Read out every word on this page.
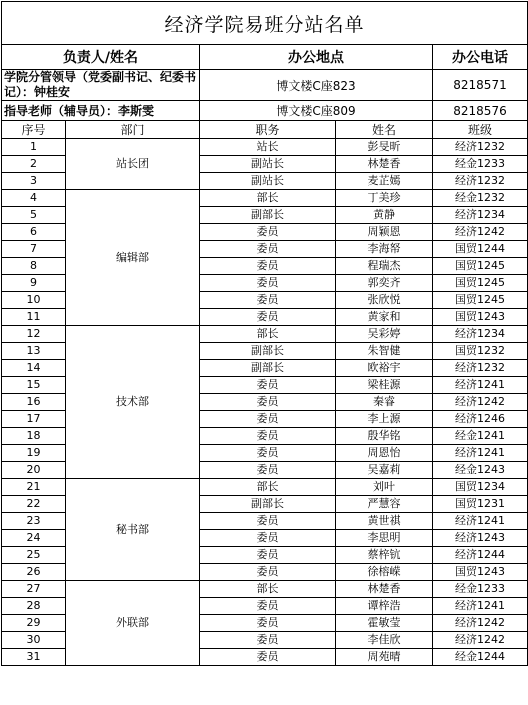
经济学院易班分站名单				
负责人/姓名		办公地点		办公电话
学院分管领导（党委副书记、纪委书记）：钟桂安		博文楼C座823		8218571
指导老师（辅导员）：李斯雯		博文楼C座809		8218576
序号	部门	职务	姓名	班级
1	站长团	站长	彭旻昕	经济1232
2		副站长	林楚香	经金1233
3		副站长	麦芷嫣	经济1232
4	编辑部	部长	丁美珍	经金1232
5		副部长	黄静	经济1234
6		委员	周颖恩	经济1242
7		委员	李海帑	国贸1244
8		委员	程瑞杰	国贸1245
9		委员	郭奕齐	国贸1245
10		委员	张欣悦	国贸1245
11		委员	黄家和	国贸1243
12	技术部	部长	吴彩婷	经济1234
13		副部长	朱智健	国贸1232
14		副部长	欧裕宇	经济1232
15		委员	梁桂源	经济1241
16		委员	秦睿	经济1242
17		委员	李上源	经济1246
18		委员	殷华铭	经金1241
19		委员	周恩怡	经济1241
20		委员	吴嘉莉	经金1243
21	秘书部	部长	刘叶	国贸1234
22		副部长	严慧容	国贸1231
23		委员	黄世祺	经济1241
24		委员	李思明	经济1243
25		委员	蔡梓钪	经济1244
26		委员	徐榕嵘	国贸1243
27	外联部	部长	林楚香	经金1233
28		委员	谭梓浩	经济1241
29		委员	霍敏莹	经济1242
30		委员	李佳欣	经济1242
31		委员	周苑晴	经金1244
